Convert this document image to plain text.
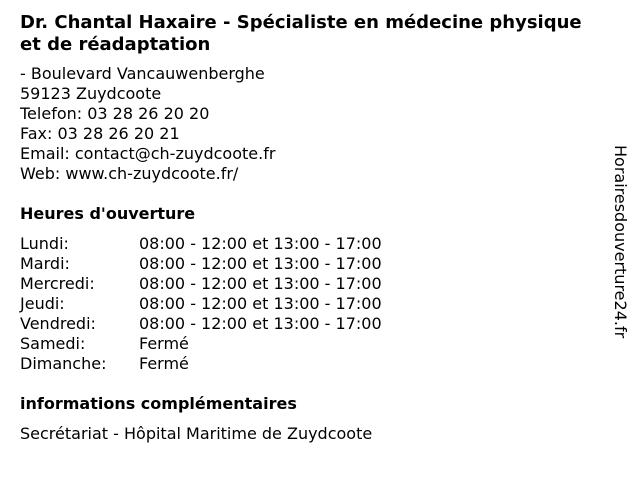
Dr. Chantal Haxaire - Spécialiste en médecine physique et de réadaptation
- Boulevard Vancauwenberghe
59123 Zuydcoote
Telefon: 03 28 26 20 20
Fax: 03 28 26 20 21
Email: contact@ch-zuydcoote.fr
Web: www.ch-zuydcoote.fr/
Heures d'ouverture
Lundi:	08:00 - 12:00 et 13:00 - 17:00
Mardi:	08:00 - 12:00 et 13:00 - 17:00
Mercredi:	08:00 - 12:00 et 13:00 - 17:00
Jeudi:	08:00 - 12:00 et 13:00 - 17:00
Vendredi:	08:00 - 12:00 et 13:00 - 17:00
Samedi:	Fermé
Dimanche:	Fermé
informations complémentaires
Secrétariat - Hôpital Maritime de Zuydcoote
Horairesdouverture24.fr
